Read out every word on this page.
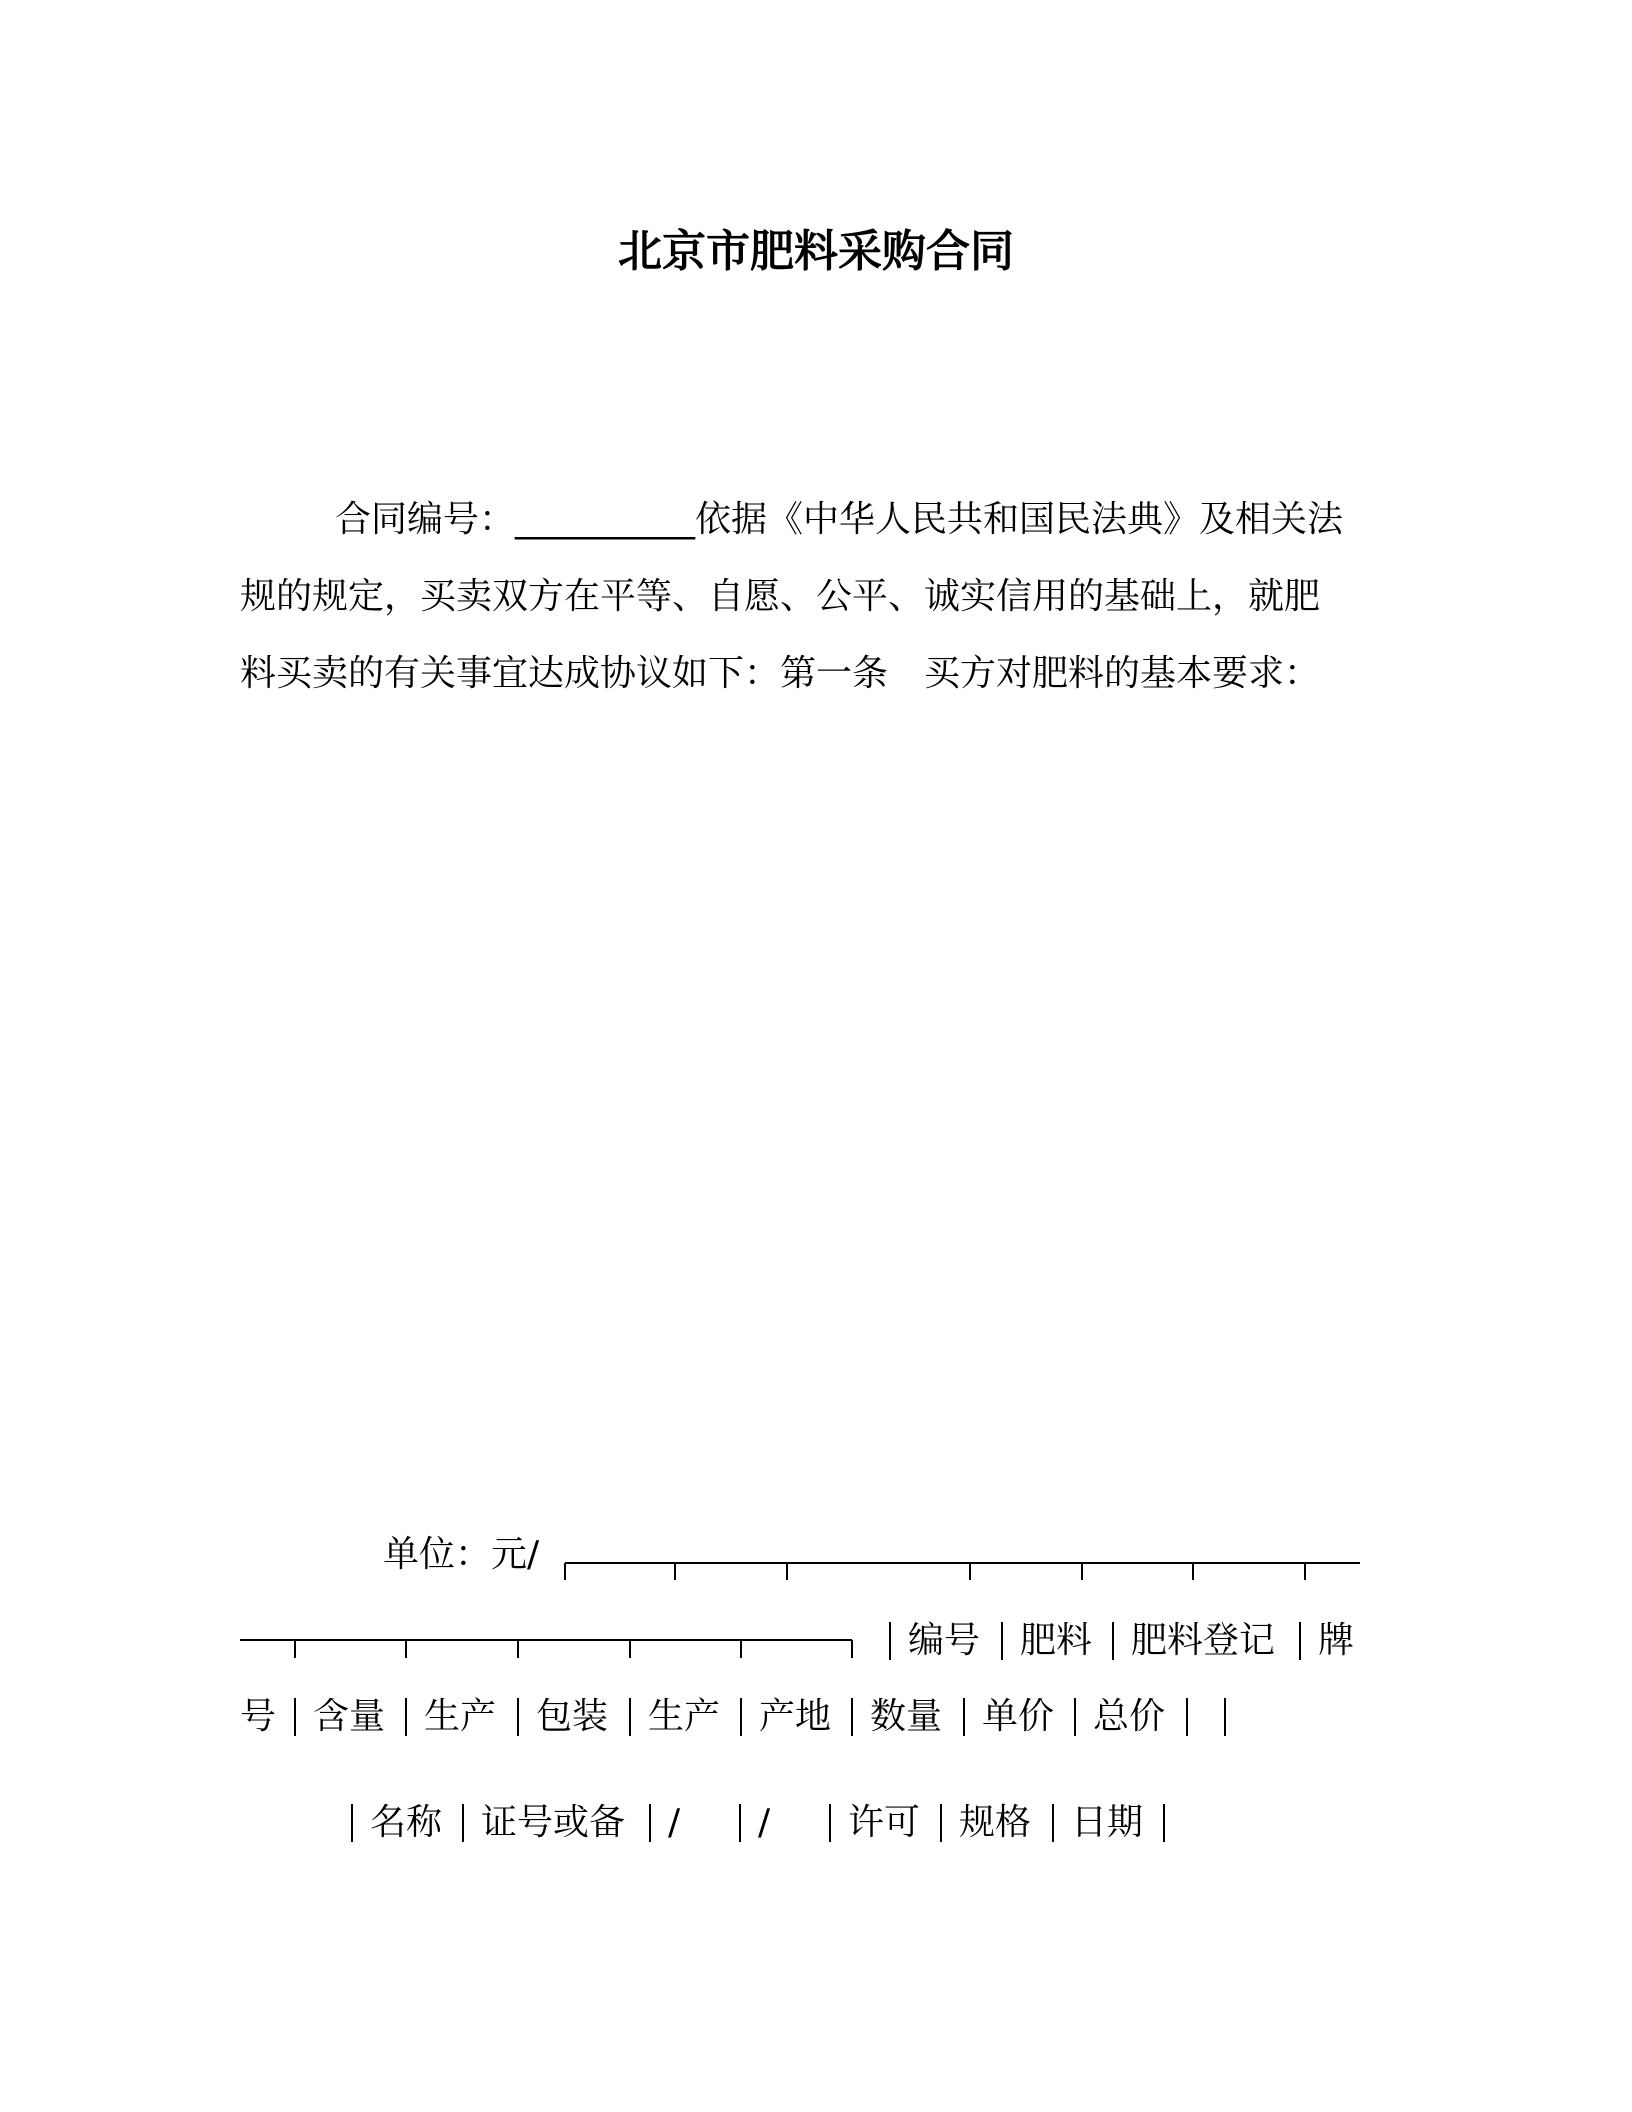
北京市肥料采购合同

合同编号：__________依据《中华人民共和国民法典》及相关法

规的规定，买卖双方在平等、自愿、公平、诚实信用的基础上，就肥

料买卖的有关事宜达成协议如下：第一条　买方对肥料的基本要求：

单位：元/
编号 肥料 肥料登记 牌
号 含量 生产 包装 生产 产地 数量 单价 总价
名称 证号或备 / / 许可 规格 日期
